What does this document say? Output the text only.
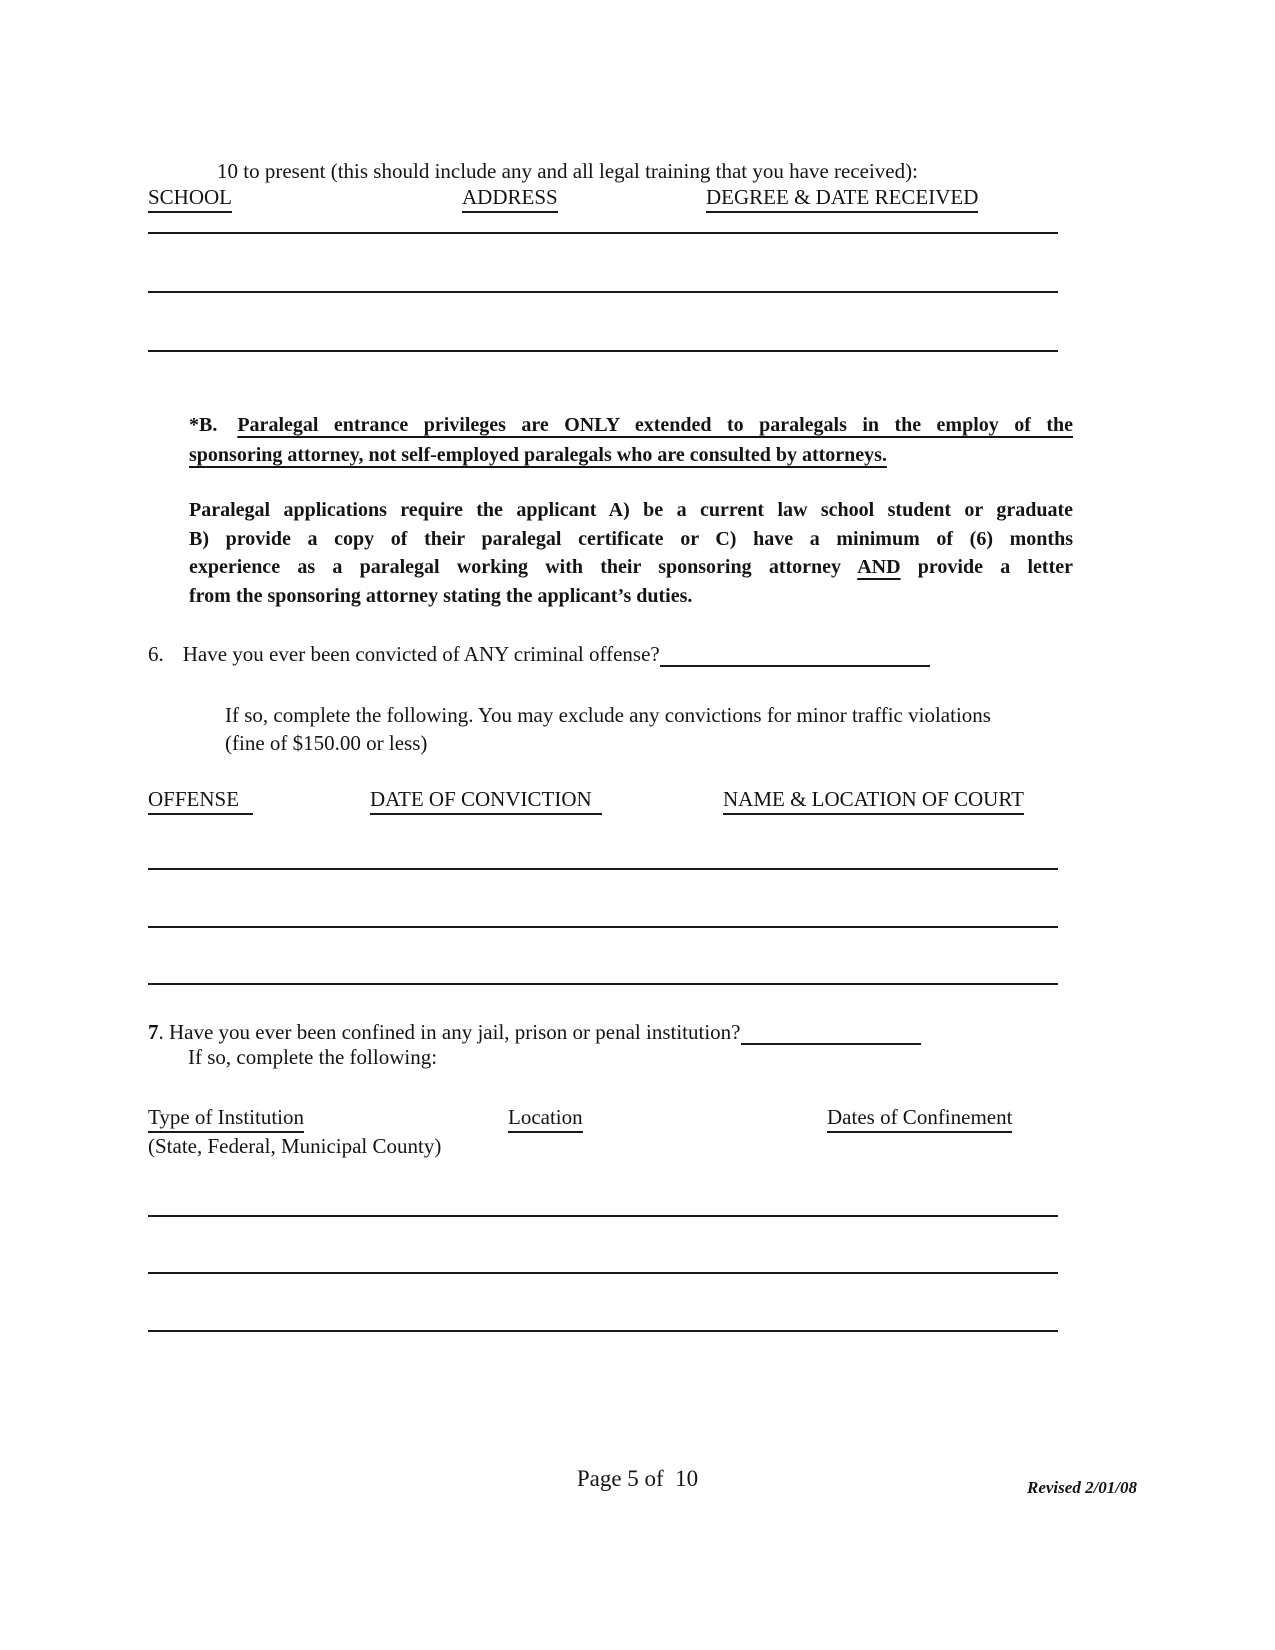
10 to present (this should include any and all legal training that you have received):
SCHOOL	ADDRESS	DEGREE & DATE RECEIVED
*B. Paralegal entrance privileges are ONLY extended to paralegals in the employ of the
sponsoring attorney, not self-employed paralegals who are consulted by attorneys.
Paralegal applications require the applicant A) be a current law school student or graduate
B) provide a copy of their paralegal certificate or C) have a minimum of (6) months
experience as a paralegal working with their sponsoring attorney AND provide a letter
from the sponsoring attorney stating the applicant’s duties.
6. Have you ever been convicted of ANY criminal offense?
If so, complete the following. You may exclude any convictions for minor traffic violations
(fine of $150.00 or less)
OFFENSE	DATE OF CONVICTION	NAME & LOCATION OF COURT
7. Have you ever been confined in any jail, prison or penal institution?
If so, complete the following:
Type of Institution	Location	Dates of Confinement
(State, Federal, Municipal County)
Page 5 of  10	Revised 2/01/08
